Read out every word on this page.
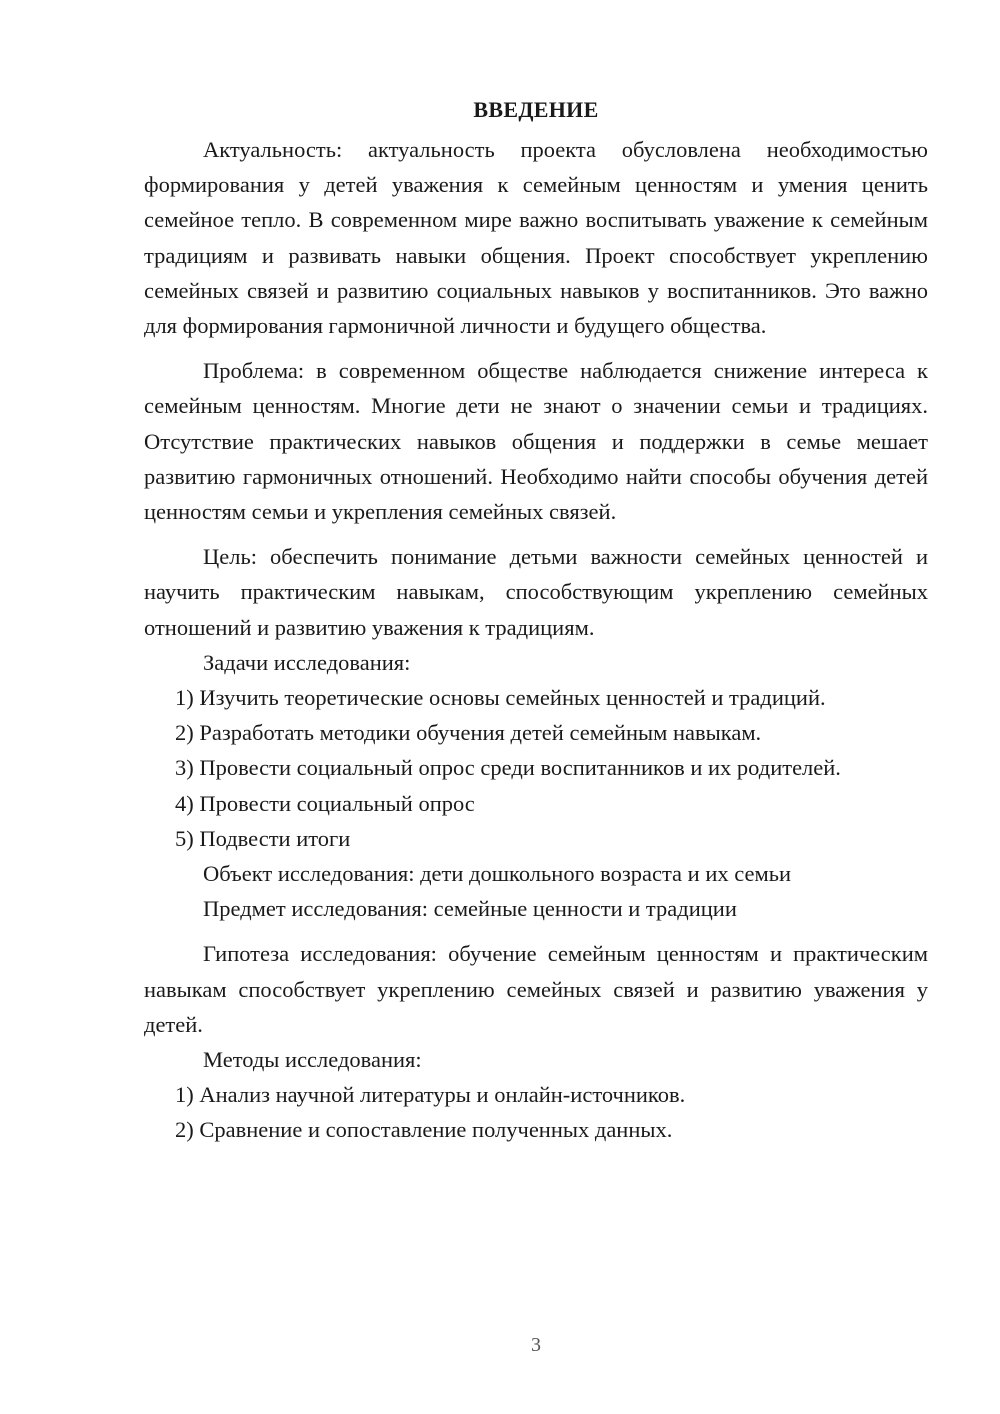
ВВЕДЕНИЕ

Актуальность: актуальность проекта обусловлена необходимостью формирования у детей уважения к семейным ценностям и умения ценить семейное тепло. В современном мире важно воспитывать уважение к семейным традициям и развивать навыки общения. Проект способствует укреплению семейных связей и развитию социальных навыков у воспитанников. Это важно для формирования гармоничной личности и будущего общества.

Проблема: в современном обществе наблюдается снижение интереса к семейным ценностям. Многие дети не знают о значении семьи и традициях. Отсутствие практических навыков общения и поддержки в семье мешает развитию гармоничных отношений. Необходимо найти способы обучения детей ценностям семьи и укрепления семейных связей.

Цель: обеспечить понимание детьми важности семейных ценностей и научить практическим навыкам, способствующим укреплению семейных отношений и развитию уважения к традициям.

Задачи исследования:

1) Изучить теоретические основы семейных ценностей и традиций.

2) Разработать методики обучения детей семейным навыкам.

3) Провести социальный опрос среди воспитанников и их родителей.

4) Провести социальный опрос

5) Подвести итоги

Объект исследования: дети дошкольного возраста и их семьи

Предмет исследования: семейные ценности и традиции

Гипотеза исследования: обучение семейным ценностям и практическим навыкам способствует укреплению семейных связей и развитию уважения у детей.

Методы исследования:

1) Анализ научной литературы и онлайн-источников.

2) Сравнение и сопоставление полученных данных.

3
